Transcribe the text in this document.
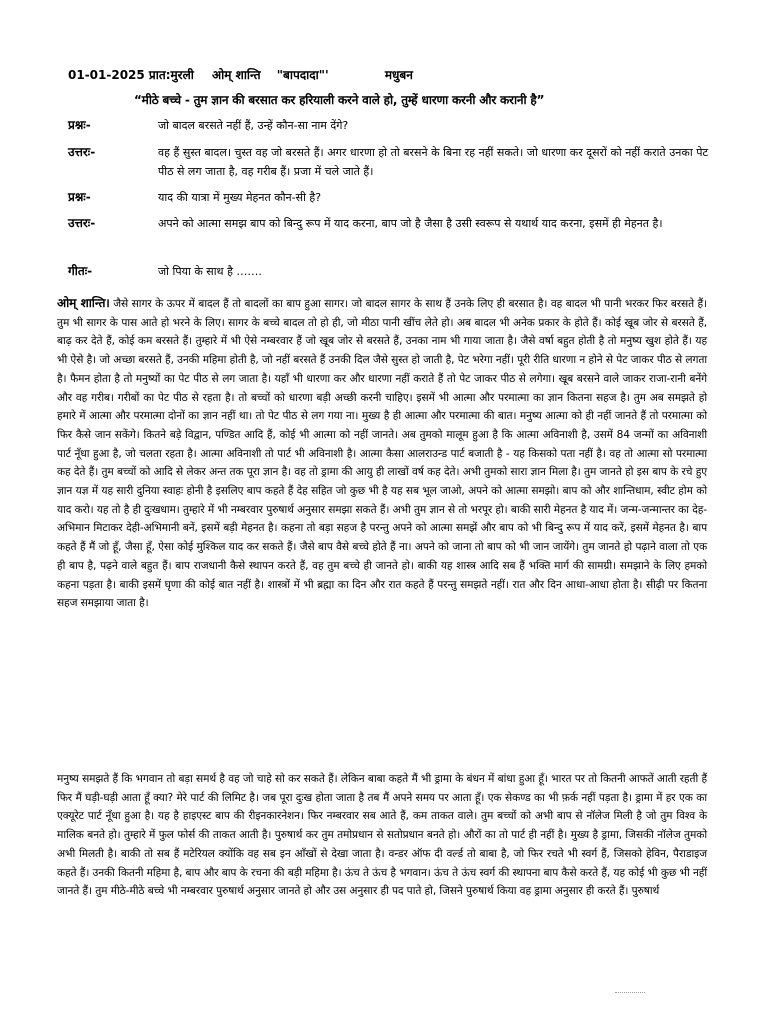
01-01-2025 प्रात:मुरली ओम् शान्ति "बापदादा"'	मधुबन
“मीठे बच्चे - तुम ज्ञान की बरसात कर हरियाली करने वाले हो, तुम्हें धारणा करनी और करानी है”
प्रश्नः-	जो बादल बरसते नहीं हैं, उन्हें कौन-सा नाम देंगे?
उत्तरः-	वह हैं सुस्त बादल। चुस्त वह जो बरसते हैं। अगर धारणा हो तो बरसने के बिना रह नहीं सकते। जो धारणा कर दूसरों को नहीं कराते उनका पेट पीठ से लग जाता है, वह गरीब हैं। प्रजा में चले जाते हैं।
प्रश्नः-	याद की यात्रा में मुख्य मेहनत कौन-सी है?
उत्तरः-	अपने को आत्मा समझ बाप को बिन्दु रूप में याद करना, बाप जो है जैसा है उसी स्वरूप से यथार्थ याद करना, इसमें ही मेहनत है।
गीतः-	जो पिया के साथ है …….
ओम् शान्ति। जैसे सागर के ऊपर में बादल हैं तो बादलों का बाप हुआ सागर। जो बादल सागर के साथ हैं उनके लिए ही बरसात है। वह बादल भी पानी भरकर फिर बरसते हैं। तुम भी सागर के पास आते हो भरने के लिए। सागर के बच्चे बादल तो हो ही, जो मीठा पानी खींच लेते हो। अब बादल भी अनेक प्रकार के होते हैं। कोई खूब जोर से बरसते हैं, बाढ़ कर देते हैं, कोई कम बरसते हैं। तुम्हारे में भी ऐसे नम्बरवार हैं जो खूब जोर से बरसते हैं, उनका नाम भी गाया जाता है। जैसे वर्षा बहुत होती है तो मनुष्य खुश होते हैं। यह भी ऐसे है। जो अच्छा बरसते हैं, उनकी महिमा होती है, जो नहीं बरसते हैं उनकी दिल जैसे सुस्त हो जाती है, पेट भरेगा नहीं। पूरी रीति धारणा न होने से पेट जाकर पीठ से लगता है। फैमन होता है तो मनुष्यों का पेट पीठ से लग जाता है। यहाँ भी धारणा कर और धारणा नहीं कराते हैं तो पेट जाकर पीठ से लगेगा। खूब बरसने वाले जाकर राजा-रानी बनेंगे और वह गरीब। गरीबों का पेट पीठ से रहता है। तो बच्चों को धारणा बड़ी अच्छी करनी चाहिए। इसमें भी आत्मा और परमात्मा का ज्ञान कितना सहज है। तुम अब समझते हो हमारे में आत्मा और परमात्मा दोनों का ज्ञान नहीं था। तो पेट पीठ से लग गया ना। मुख्य है ही आत्मा और परमात्मा की बात। मनुष्य आत्मा को ही नहीं जानते हैं तो परमात्मा को फिर कैसे जान सकेंगे। कितने बड़े विद्वान, पण्डित आदि हैं, कोई भी आत्मा को नहीं जानते। अब तुमको मालूम हुआ है कि आत्मा अविनाशी है, उसमें 84 जन्मों का अविनाशी पार्ट नूँधा हुआ है, जो चलता रहता है। आत्मा अविनाशी तो पार्ट भी अविनाशी है। आत्मा कैसा आलराउन्ड पार्ट बजाती है - यह किसको पता नहीं है। वह तो आत्मा सो परमात्मा कह देते हैं। तुम बच्चों को आदि से लेकर अन्त तक पूरा ज्ञान है। वह तो ड्रामा की आयु ही लाखों वर्ष कह देते। अभी तुमको सारा ज्ञान मिला है। तुम जानते हो इस बाप के रचे हुए ज्ञान यज्ञ में यह सारी दुनिया स्वाहः होनी है इसलिए बाप कहते हैं देह सहित जो कुछ भी है यह सब भूल जाओ, अपने को आत्मा समझो। बाप को और शान्तिधाम, स्वीट होम को याद करो। यह तो है ही दुःखधाम। तुम्हारे में भी नम्बरवार पुरुषार्थ अनुसार समझा सकते हैं। अभी तुम ज्ञान से तो भरपूर हो। बाकी सारी मेहनत है याद में। जन्म-जन्मान्तर का देह-अभिमान मिटाकर देही-अभिमानी बनें, इसमें बड़ी मेहनत है। कहना तो बड़ा सहज है परन्तु अपने को आत्मा समझें और बाप को भी बिन्दु रूप में याद करें, इसमें मेहनत है। बाप कहते हैं मैं जो हूँ, जैसा हूँ, ऐसा कोई मुश्किल याद कर सकते हैं। जैसे बाप वैसे बच्चे होते हैं ना। अपने को जाना तो बाप को भी जान जायेंगे। तुम जानते हो पढ़ाने वाला तो एक ही बाप है, पढ़ने वाले बहुत हैं। बाप राजधानी कैसे स्थापन करते हैं, वह तुम बच्चे ही जानते हो। बाकी यह शास्त्र आदि सब हैं भक्ति मार्ग की सामग्री। समझाने के लिए हमको कहना पड़ता है। बाकी इसमें घृणा की कोई बात नहीं है। शास्त्रों में भी ब्रह्मा का दिन और रात कहते हैं परन्तु समझते नहीं। रात और दिन आधा-आधा होता है। सीढ़ी पर कितना सहज समझाया जाता है।
मनुष्य समझते हैं कि भगवान तो बड़ा समर्थ है वह जो चाहे सो कर सकते हैं। लेकिन बाबा कहते मैं भी ड्रामा के बंधन में बांधा हुआ हूँ। भारत पर तो कितनी आफतें आती रहती हैं फिर मैं घड़ी-घड़ी आता हूँ क्या? मेरे पार्ट की लिमिट है। जब पूरा दुःख होता जाता है तब मैं अपने समय पर आता हूँ। एक सेकण्ड का भी फ़र्क नहीं पड़ता है। ड्रामा में हर एक का एक्यूरेट पार्ट नूँधा हुआ है। यह है हाइएस्ट बाप की रीइनकारनेशन। फिर नम्बरवार सब आते हैं, कम ताकत वाले। तुम बच्चों को अभी बाप से नॉलेज मिली है जो तुम विश्व के मालिक बनते हो। तुम्हारे में फुल फोर्स की ताकत आती है। पुरुषार्थ कर तुम तमोप्रधान से सतोप्रधान बनते हो। औरों का तो पार्ट ही नहीं है। मुख्य है ड्रामा, जिसकी नॉलेज तुमको अभी मिलती है। बाकी तो सब हैं मटेरियल क्योंकि वह सब इन आँखों से देखा जाता है। वन्डर ऑफ दी वर्ल्ड तो बाबा है, जो फिर रचते भी स्वर्ग हैं, जिसको हेविन, पैराडाइज कहते हैं। उनकी कितनी महिमा है, बाप और बाप के रचना की बड़ी महिमा है। ऊंच ते ऊंच है भगवान। ऊंच ते ऊंच स्वर्ग की स्थापना बाप कैसे करते हैं, यह कोई भी कुछ भी नहीं जानते हैं। तुम मीठे-मीठे बच्चे भी नम्बरवार पुरुषार्थ अनुसार जानते हो और उस अनुसार ही पद पाते हो, जिसने पुरुषार्थ किया वह ड्रामा अनुसार ही करते हैं। पुरुषार्थ
